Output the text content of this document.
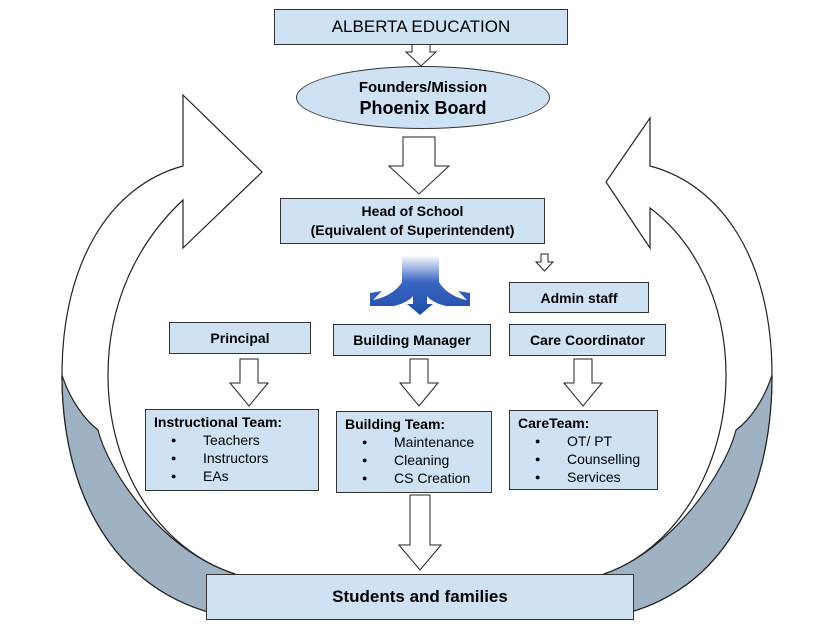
ALBERTA EDUCATION
Founders/Mission
Phoenix Board
Head of School
(Equivalent of Superintendent)
Admin staff
Principal	Building Manager	Care Coordinator
Instructional Team:
● Teachers
● Instructors
● EAs
Building Team:
● Maintenance
● Cleaning
● CS Creation
CareTeam:
● OT/ PT
● Counselling
● Services
Students and families
